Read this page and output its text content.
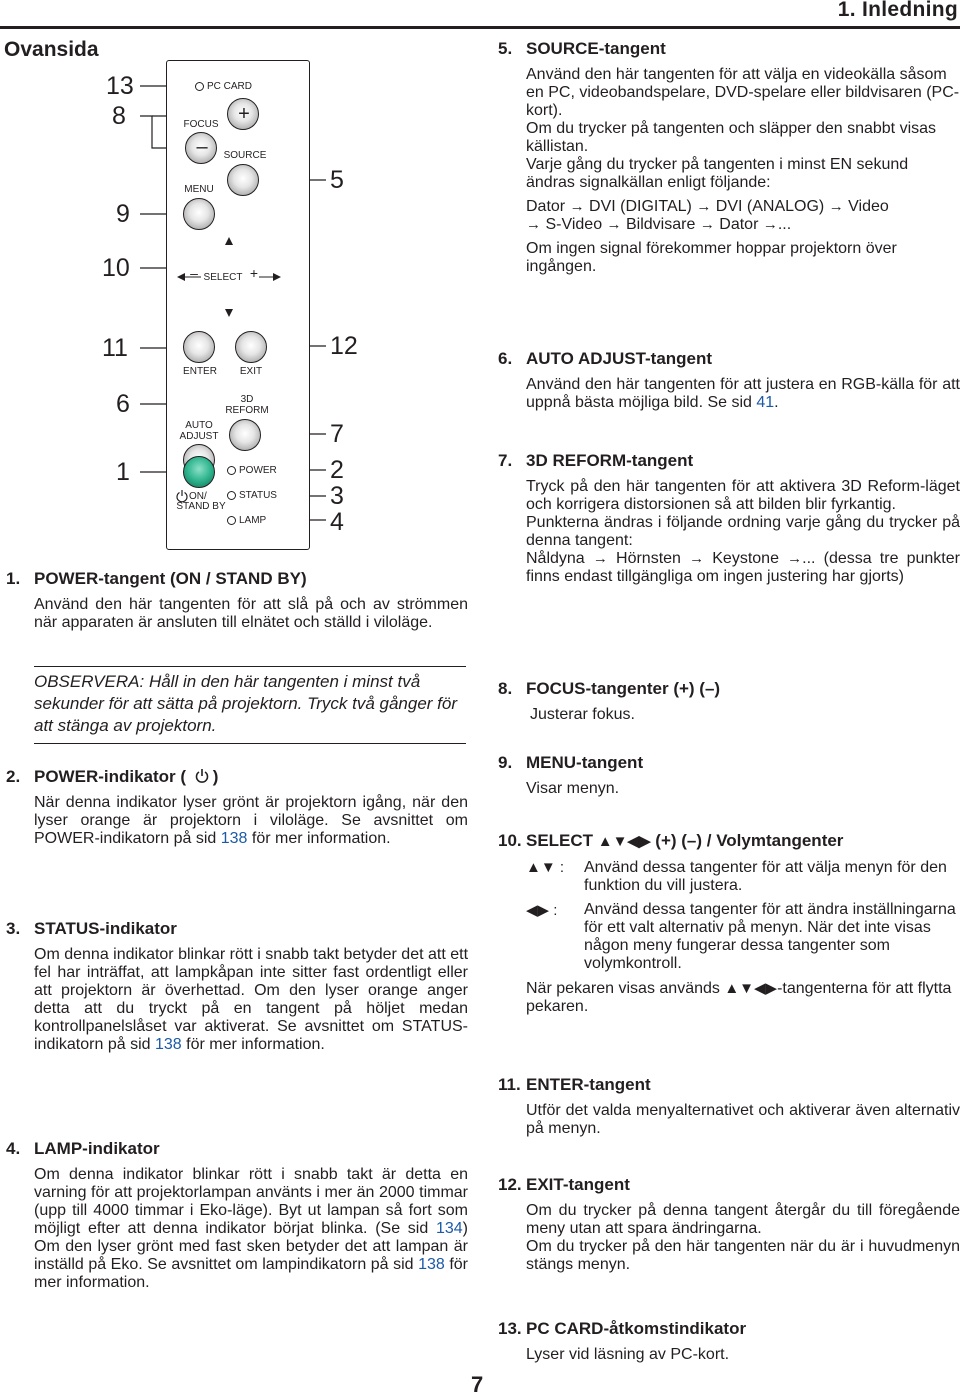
1. Inledning
Ovansida
13
8
9
10
11
6
1
5
12
7
2
3
4
PC CARD
FOCUS +
–	SOURCE
MENU
SELECT +
–
ENTER	EXIT
3D
REFORM
AUTO
ADJUST
POWER
STATUS
LAMP
ON/
STAND BY
1. POWER-tangent (ON / STAND BY)
Använd den här tangenten för att slå på och av strömmen när apparaten är ansluten till elnätet och ställd i viloläge.
OBSERVERA: Håll in den här tangenten i minst två
sekunder för att sätta på projektorn. Tryck två gånger för
att stänga av projektorn.
2. POWER-indikator ( )
När denna indikator lyser grönt är projektorn igång, när den lyser orange är projektorn i viloläge. Se avsnittet om POWER-indikatorn på sid 138 för mer information.
3. STATUS-indikator
Om denna indikator blinkar rött i snabb takt betyder det att ett fel har inträffat, att lampkåpan inte sitter fast ordentligt eller att projektorn är överhettad. Om den lyser orange anger detta att du tryckt på en tangent på höljet medan kontrollpanelslåset var aktiverat. Se avsnittet om STATUS-indikatorn på sid 138 för mer information.
4. LAMP-indikator
Om denna indikator blinkar rött i snabb takt är detta en varning för att projektorlampan använts i mer än 2000 timmar (upp till 4000 timmar i Eko-läge). Byt ut lampan så fort som möjligt efter att denna indikator börjat blinka. (Se sid 134) Om den lyser grönt med fast sken betyder det att lampan är inställd på Eko. Se avsnittet om lampindikatorn på sid 138 för mer information.
5. SOURCE-tangent
Använd den här tangenten för att välja en videokälla såsom en PC, videobandspelare, DVD-spelare eller bildvisaren (PC-kort).
Om du trycker på tangenten och släpper den snabbt visas källistan.
Varje gång du trycker på tangenten i minst EN sekund ändras signalkällan enligt följande:
Dator → DVI (DIGITAL) → DVI (ANALOG) → Video
→ S-Video → Bildvisare → Dator →...
Om ingen signal förekommer hoppar projektorn över ingången.
6. AUTO ADJUST-tangent
Använd den här tangenten för att justera en RGB-källa för att uppnå bästa möjliga bild. Se sid 41.
7. 3D REFORM-tangent
Tryck på den här tangenten för att aktivera 3D Reform-läget och korrigera distorsionen så att bilden blir fyrkantig.
Punkterna ändras i följande ordning varje gång du trycker på denna tangent:
Nåldyna → Hörnsten → Keystone →... (dessa tre punkter finns endast tillgängliga om ingen justering har gjorts)
8. FOCUS-tangenter (+) (–)
Justerar fokus.
9. MENU-tangent
Visar menyn.
10. SELECT ▲▼◀▶ (+) (–) / Volymtangenter
▲▼ :	Använd dessa tangenter för att välja menyn för den funktion du vill justera.
◀▶ :	Använd dessa tangenter för att ändra inställningarna för ett valt alternativ på menyn. När det inte visas någon meny fungerar dessa tangenter som volymkontroll.
När pekaren visas används ▲▼◀▶-tangenterna för att flytta pekaren.
11. ENTER-tangent
Utför det valda menyalternativet och aktiverar även alternativ på menyn.
12. EXIT-tangent
Om du trycker på denna tangent återgår du till föregående meny utan att spara ändringarna.
Om du trycker på den här tangenten när du är i huvudmenyn stängs menyn.
13. PC CARD-åtkomstindikator
Lyser vid läsning av PC-kort.
7
